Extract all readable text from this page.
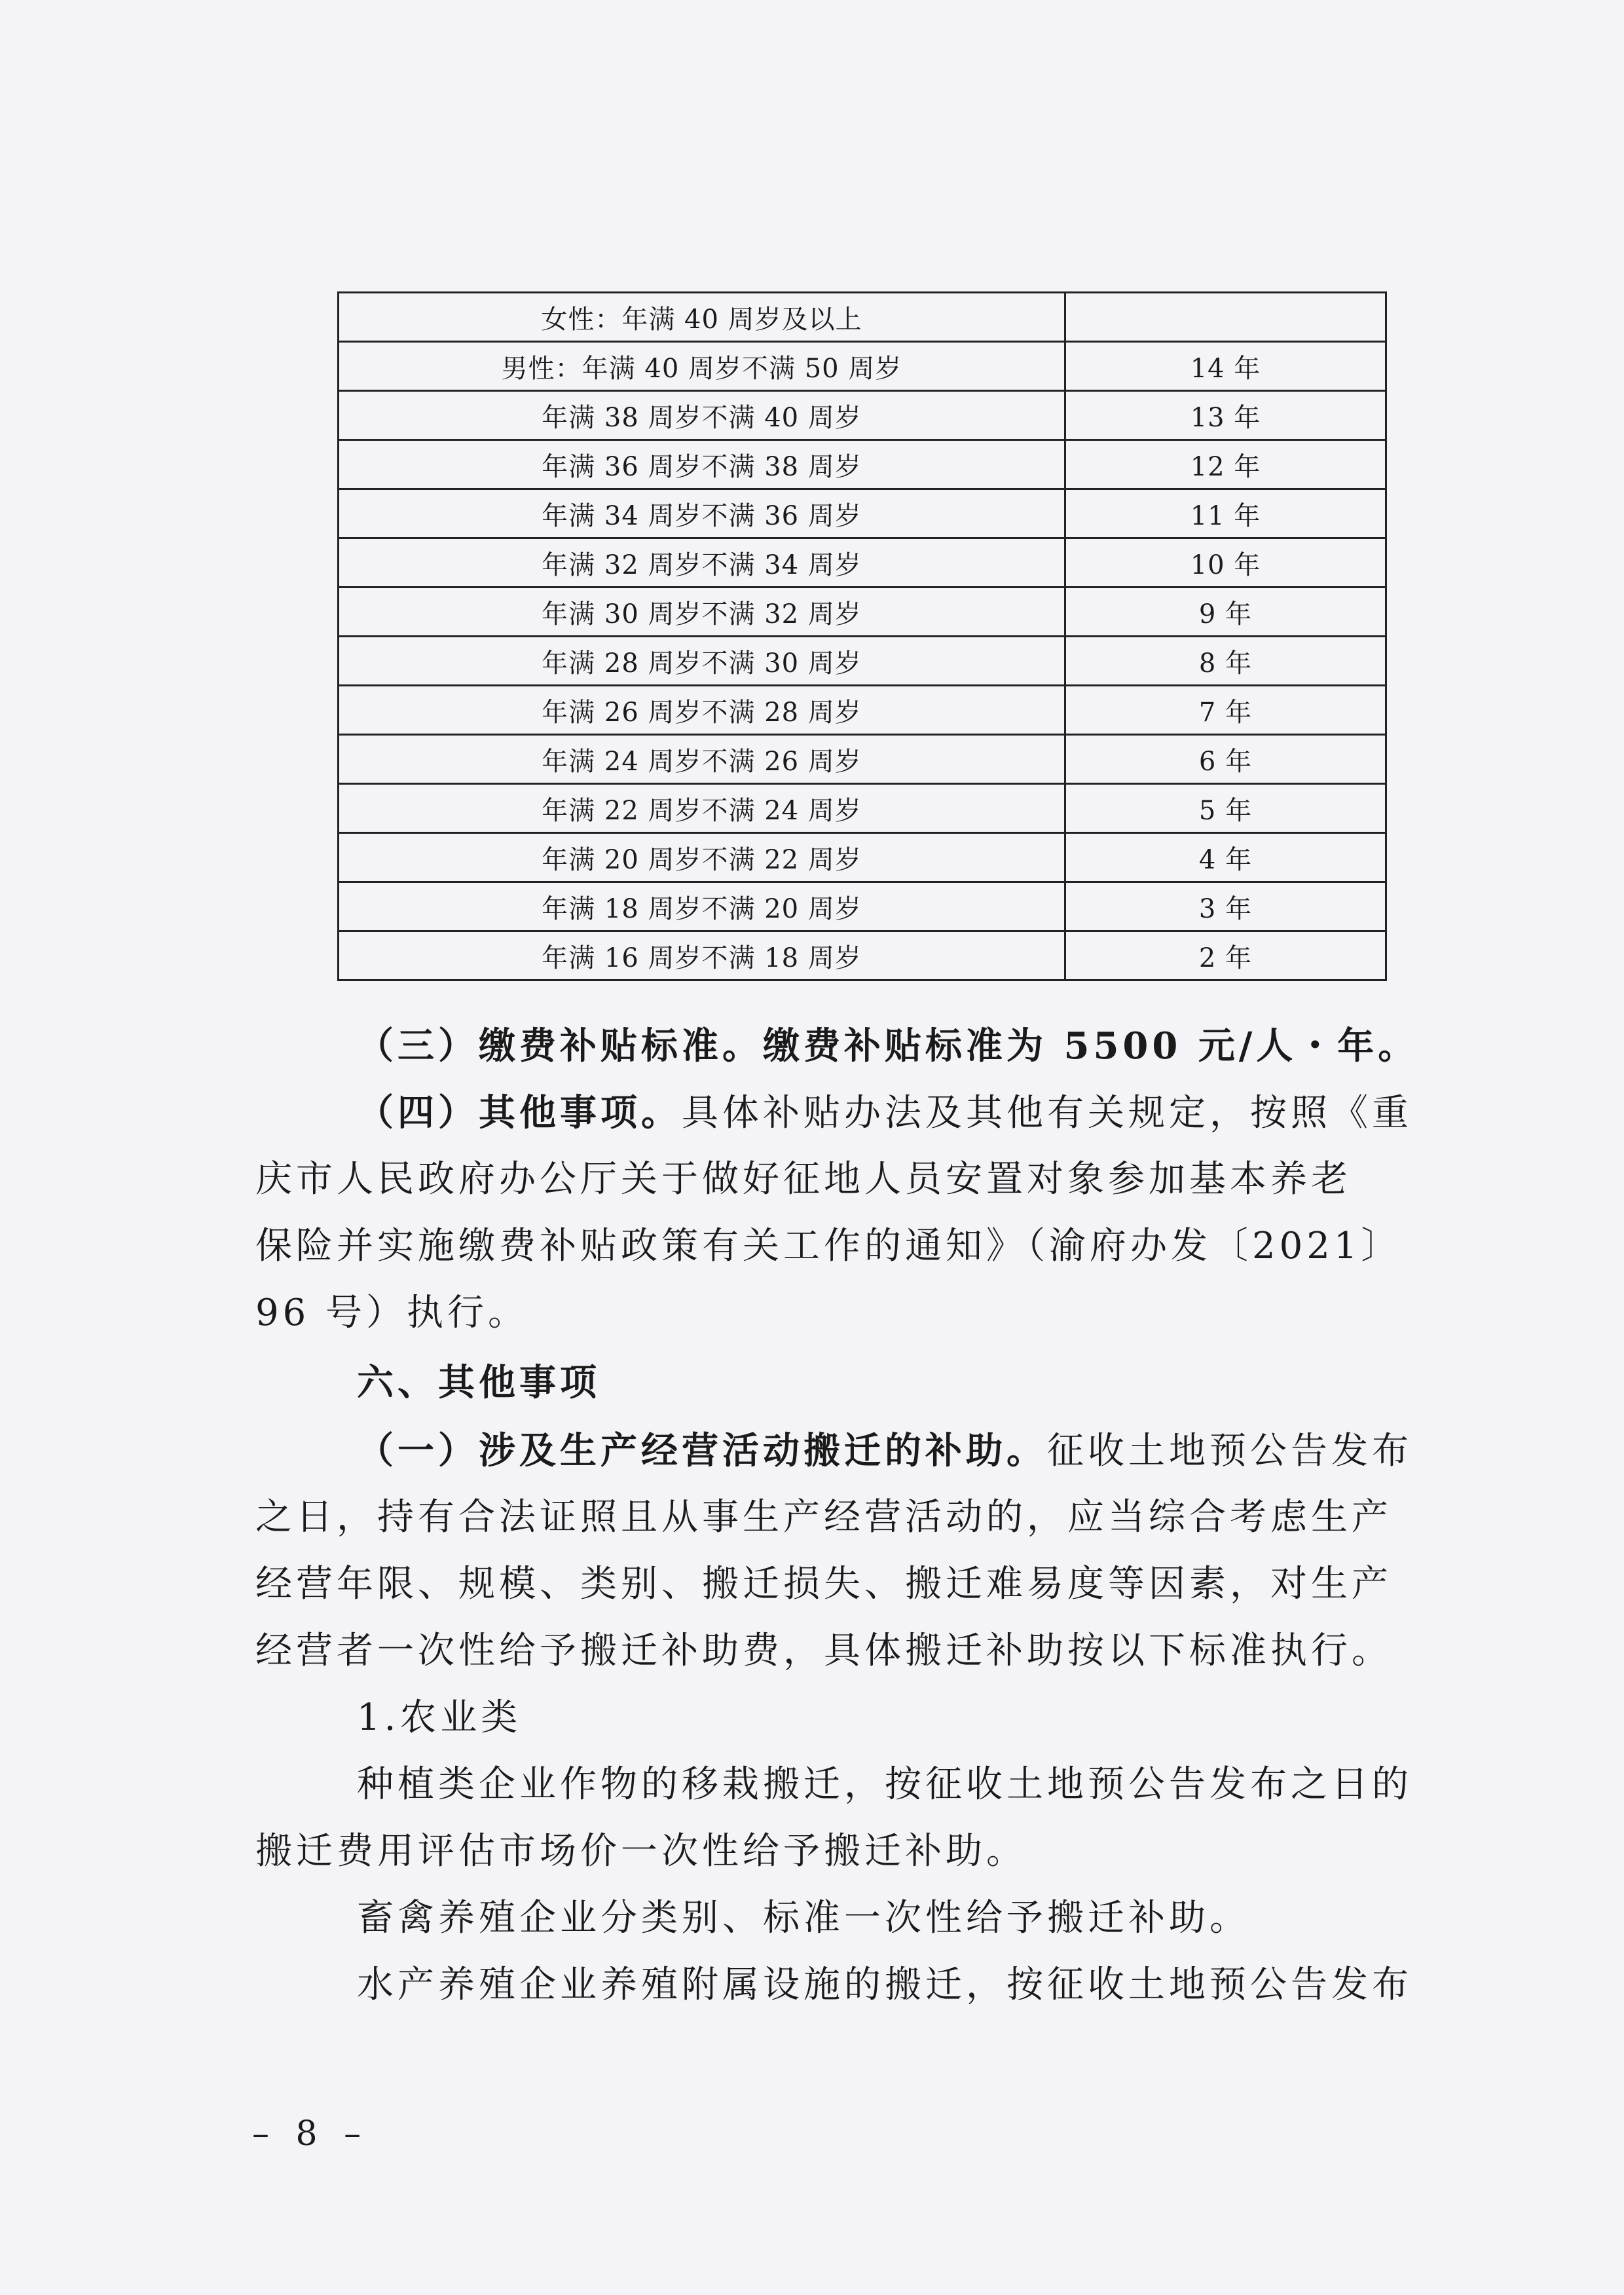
女性：年满 40 周岁及以上	
男性：年满 40 周岁不满 50 周岁	14 年
年满 38 周岁不满 40 周岁	13 年
年满 36 周岁不满 38 周岁	12 年
年满 34 周岁不满 36 周岁	11 年
年满 32 周岁不满 34 周岁	10 年
年满 30 周岁不满 32 周岁	9 年
年满 28 周岁不满 30 周岁	8 年
年满 26 周岁不满 28 周岁	7 年
年满 24 周岁不满 26 周岁	6 年
年满 22 周岁不满 24 周岁	5 年
年满 20 周岁不满 22 周岁	4 年
年满 18 周岁不满 20 周岁	3 年
年满 16 周岁不满 18 周岁	2 年
（三）缴费补贴标准。缴费补贴标准为 5500 元/人・年。
（四）其他事项。具体补贴办法及其他有关规定，按照《重
庆市人民政府办公厅关于做好征地人员安置对象参加基本养老
保险并实施缴费补贴政策有关工作的通知》（渝府办发〔2021〕
96 号）执行。
六、其他事项
（一）涉及生产经营活动搬迁的补助。征收土地预公告发布
之日，持有合法证照且从事生产经营活动的，应当综合考虑生产
经营年限、规模、类别、搬迁损失、搬迁难易度等因素，对生产
经营者一次性给予搬迁补助费，具体搬迁补助按以下标准执行。
1.农业类
种植类企业作物的移栽搬迁，按征收土地预公告发布之日的
搬迁费用评估市场价一次性给予搬迁补助。
畜禽养殖企业分类别、标准一次性给予搬迁补助。
水产养殖企业养殖附属设施的搬迁，按征收土地预公告发布
– 8 –
